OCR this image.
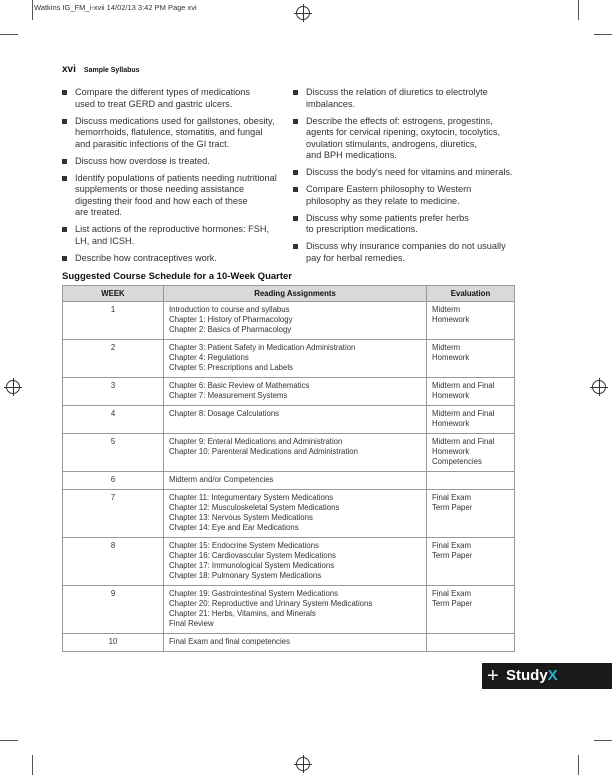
Watkins IG_FM_i-xvii 14/02/13 3:42 PM Page xvi
xvi Sample Syllabus
Compare the different types of medications
used to treat GERD and gastric ulcers.
Discuss medications used for gallstones, obesity,
hemorrhoids, flatulence, stomatitis, and fungal
and parasitic infections of the GI tract.
Discuss how overdose is treated.
Identify populations of patients needing nutritional
supplements or those needing assistance
digesting their food and how each of these
are treated.
List actions of the reproductive hormones: FSH,
LH, and ICSH.
Describe how contraceptives work.
Discuss the relation of diuretics to electrolyte
imbalances.
Describe the effects of: estrogens, progestins,
agents for cervical ripening, oxytocin, tocolytics,
ovulation stimulants, androgens, diuretics,
and BPH medications.
Discuss the body's need for vitamins and minerals.
Compare Eastern philosophy to Western
philosophy as they relate to medicine.
Discuss why some patients prefer herbs
to prescription medications.
Discuss why insurance companies do not usually
pay for herbal remedies.
Suggested Course Schedule for a 10-Week Quarter
WEEK	Reading Assignments	Evaluation
1	Introduction to course and syllabus
Chapter 1: History of Pharmacology
Chapter 2: Basics of Pharmacology	Midterm
Homework

2	Chapter 3: Patient Safety in Medication Administration
Chapter 4: Regulations
Chapter 5: Prescriptions and Labels	Midterm
Homework

3	Chapter 6: Basic Review of Mathematics
Chapter 7: Measurement Systems	Midterm and Final
Homework

4	Chapter 8: Dosage Calculations	Midterm and Final
Homework

5	Chapter 9: Enteral Medications and Administration
Chapter 10: Parenteral Medications and Administration	Midterm and Final
Homework
Competencies

6	Midterm and/or Competencies	

7	Chapter 11: Integumentary System Medications
Chapter 12: Musculoskeletal System Medications
Chapter 13: Nervous System Medications
Chapter 14: Eye and Ear Medications	Final Exam
Term Paper

8	Chapter 15: Endocrine System Medications
Chapter 16: Cardiovascular System Medications
Chapter 17: Immunological System Medications
Chapter 18: Pulmonary System Medications	Final Exam
Term Paper

9	Chapter 19: Gastrointestinal System Medications
Chapter 20: Reproductive and Urinary System Medications
Chapter 21: Herbs, Vitamins, and Minerals
Final Review	Final Exam
Term Paper

10	Final Exam and final competencies	

+ StudyX
